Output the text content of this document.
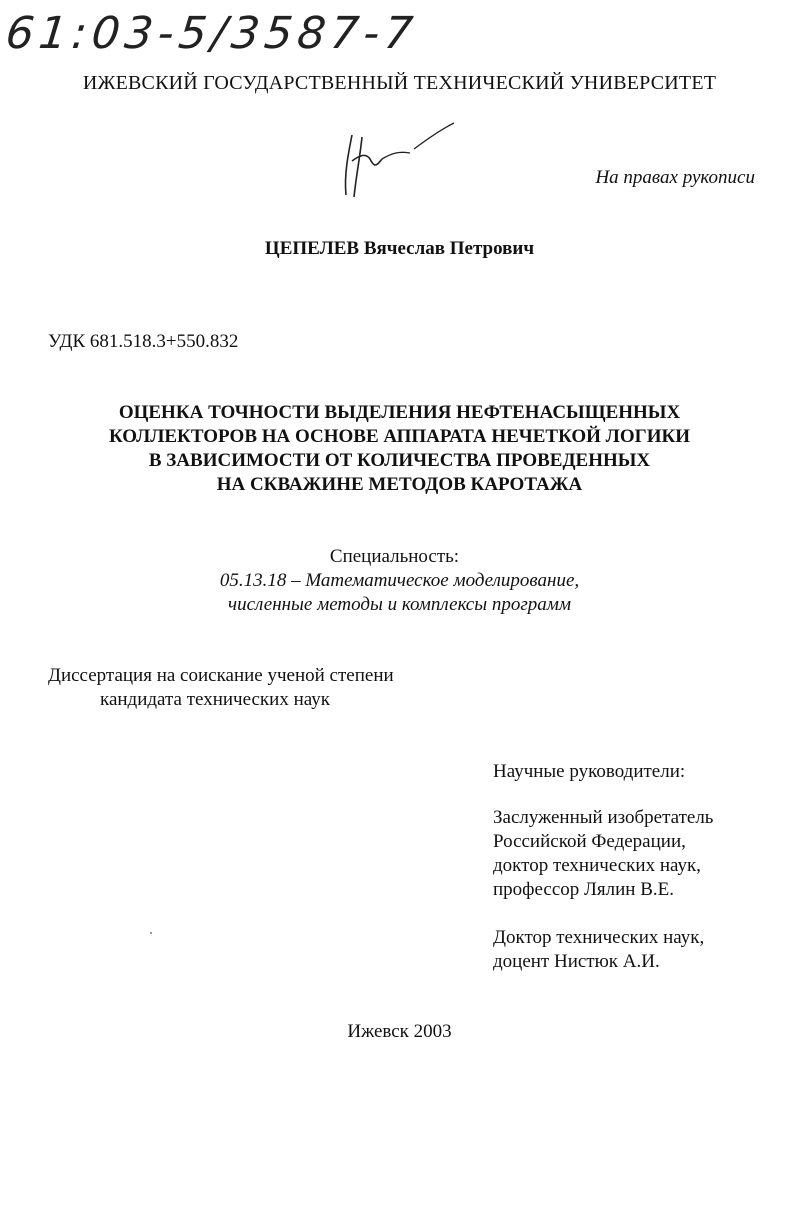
61:03-5/3587-7
ИЖЕВСКИЙ ГОСУДАРСТВЕННЫЙ ТЕХНИЧЕСКИЙ УНИВЕРСИТЕТ
На правах рукописи
ЦЕПЕЛЕВ Вячеслав Петрович
УДК 681.518.3+550.832
ОЦЕНКА ТОЧНОСТИ ВЫДЕЛЕНИЯ НЕФТЕНАСЫЩЕННЫХ
КОЛЛЕКТОРОВ НА ОСНОВЕ АППАРАТА НЕЧЕТКОЙ ЛОГИКИ
В ЗАВИСИМОСТИ ОТ КОЛИЧЕСТВА ПРОВЕДЕННЫХ
НА СКВАЖИНЕ МЕТОДОВ КАРОТАЖА
Специальность:
05.13.18 – Математическое моделирование,
численные методы и комплексы программ
Диссертация на соискание ученой степени
кандидата технических наук
Научные руководители:
Заслуженный изобретатель
Российской Федерации,
доктор технических наук,
профессор Лялин В.Е.
Доктор технических наук,
доцент Нистюк А.И.
Ижевск 2003
